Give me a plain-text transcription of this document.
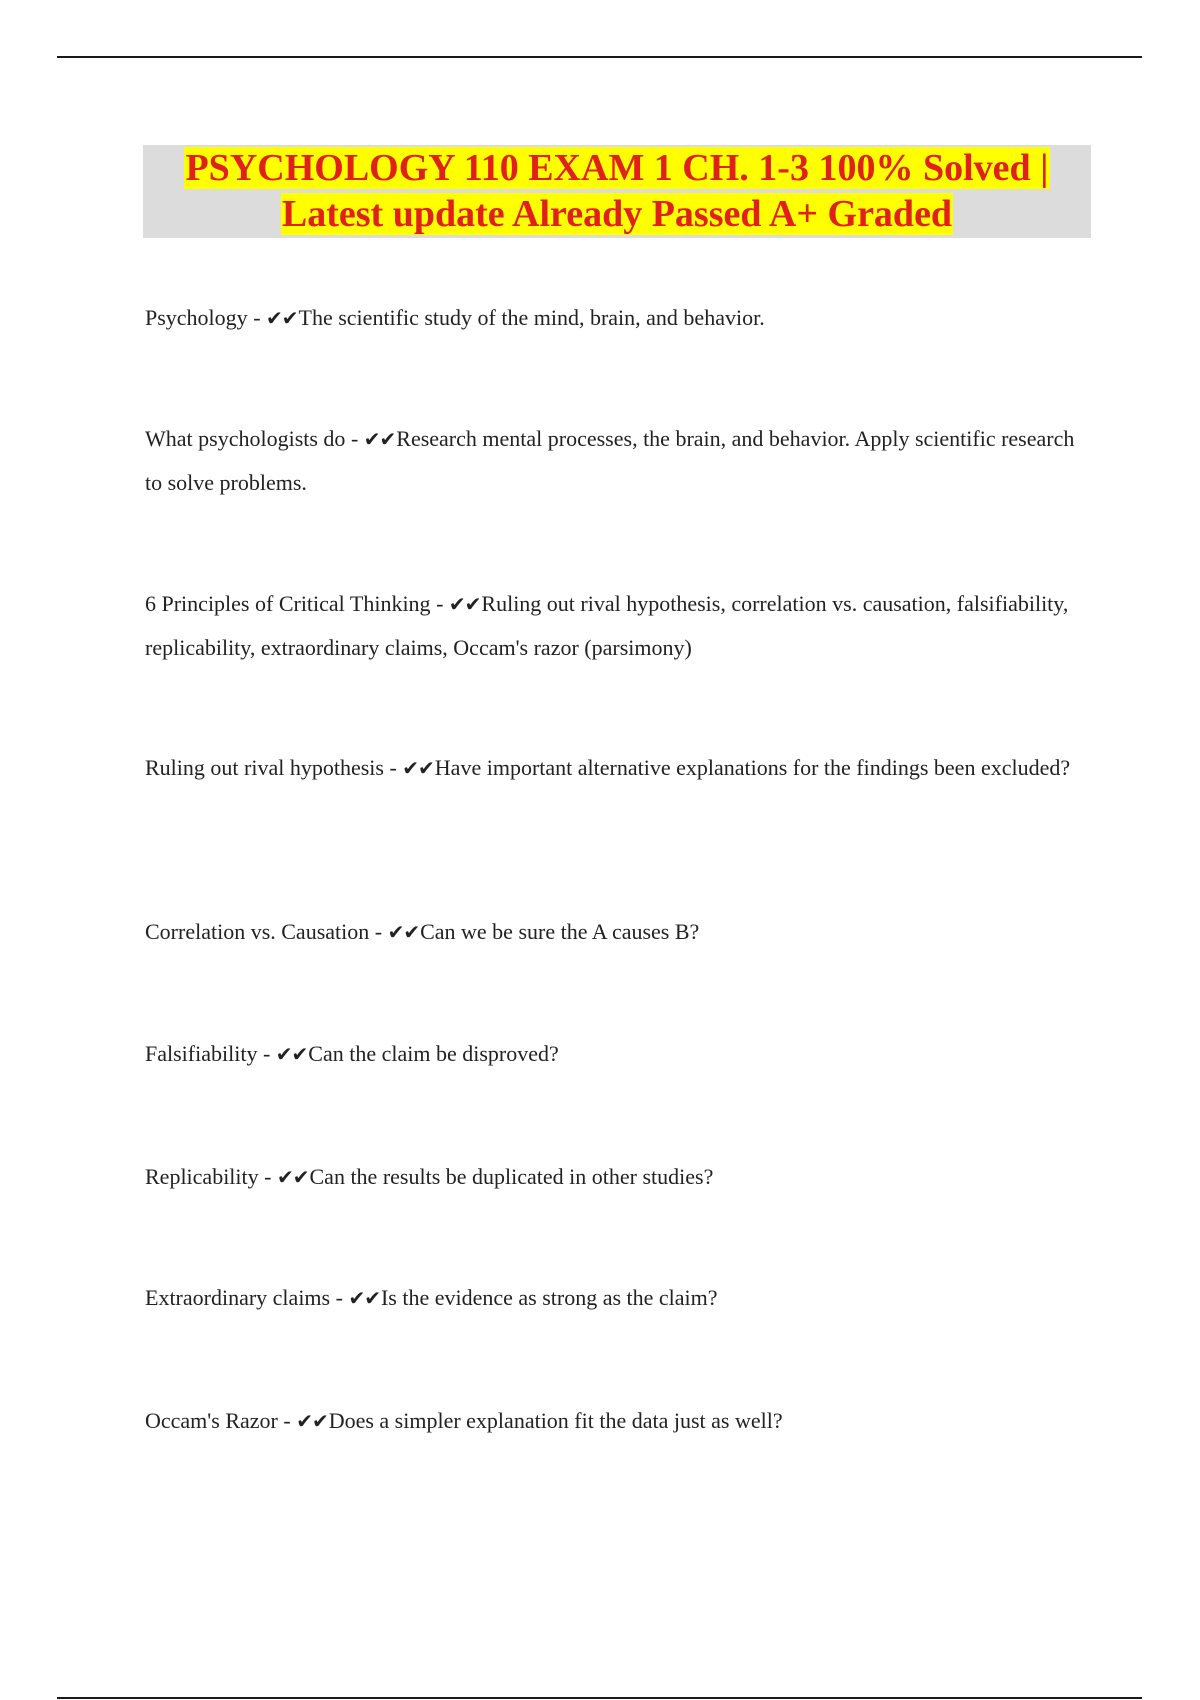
PSYCHOLOGY 110 EXAM 1 CH. 1-3 100% Solved |
Latest update Already Passed A+ Graded
Psychology - ✔✔The scientific study of the mind, brain, and behavior.
What psychologists do - ✔✔Research mental processes, the brain, and behavior. Apply scientific research to solve problems.
6 Principles of Critical Thinking - ✔✔Ruling out rival hypothesis, correlation vs. causation, falsifiability, replicability, extraordinary claims, Occam's razor (parsimony)
Ruling out rival hypothesis - ✔✔Have important alternative explanations for the findings been excluded?
Correlation vs. Causation - ✔✔Can we be sure the A causes B?
Falsifiability - ✔✔Can the claim be disproved?
Replicability - ✔✔Can the results be duplicated in other studies?
Extraordinary claims - ✔✔Is the evidence as strong as the claim?
Occam's Razor - ✔✔Does a simpler explanation fit the data just as well?
